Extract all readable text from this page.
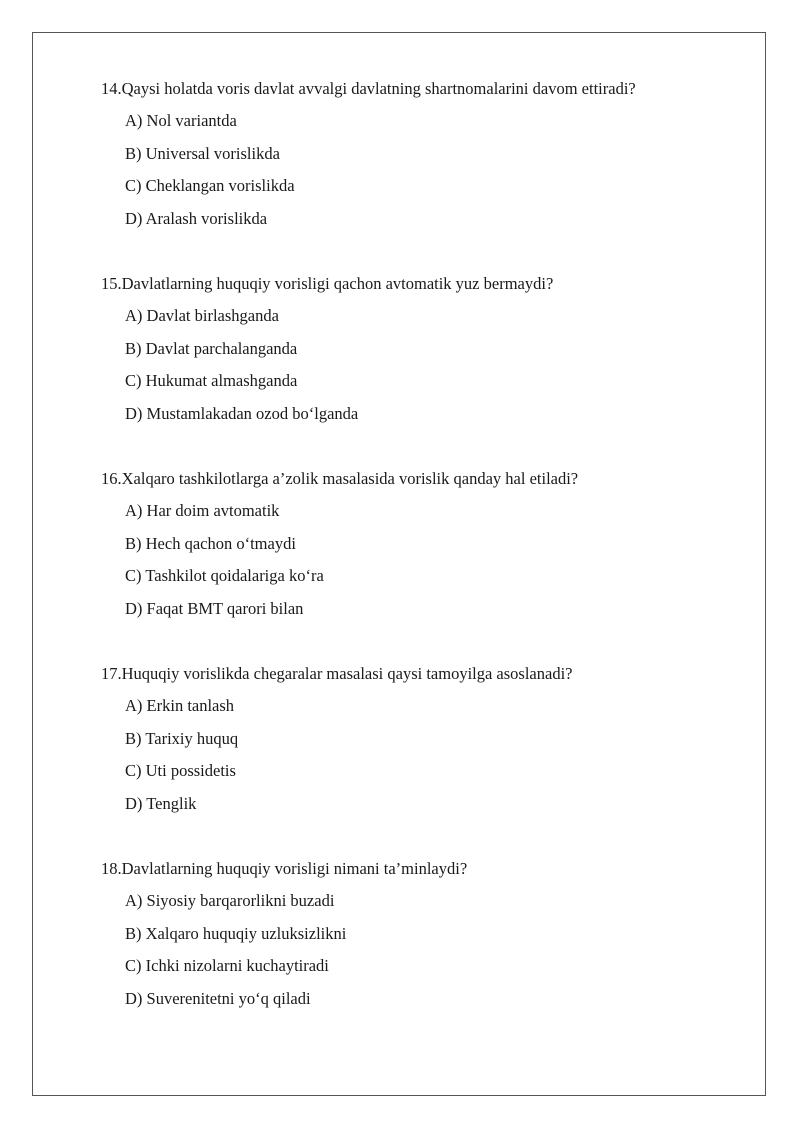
14.Qaysi holatda voris davlat avvalgi davlatning shartnomalarini davom ettiradi?
A) Nol variantda
B) Universal vorislikda
C) Cheklangan vorislikda
D) Aralash vorislikda
15.Davlatlarning huquqiy vorisligi qachon avtomatik yuz bermaydi?
A) Davlat birlashganda
B) Davlat parchalanganda
C) Hukumat almashganda
D) Mustamlakadan ozod bo‘lganda
16.Xalqaro tashkilotlarga a’zolik masalasida vorislik qanday hal etiladi?
A) Har doim avtomatik
B) Hech qachon o‘tmaydi
C) Tashkilot qoidalariga ko‘ra
D) Faqat BMT qarori bilan
17.Huquqiy vorislikda chegaralar masalasi qaysi tamoyilga asoslanadi?
A) Erkin tanlash
B) Tarixiy huquq
C) Uti possidetis
D) Tenglik
18.Davlatlarning huquqiy vorisligi nimani ta’minlaydi?
A) Siyosiy barqarorlikni buzadi
B) Xalqaro huquqiy uzluksizlikni
C) Ichki nizolarni kuchaytiradi
D) Suverenitetni yo‘q qiladi
